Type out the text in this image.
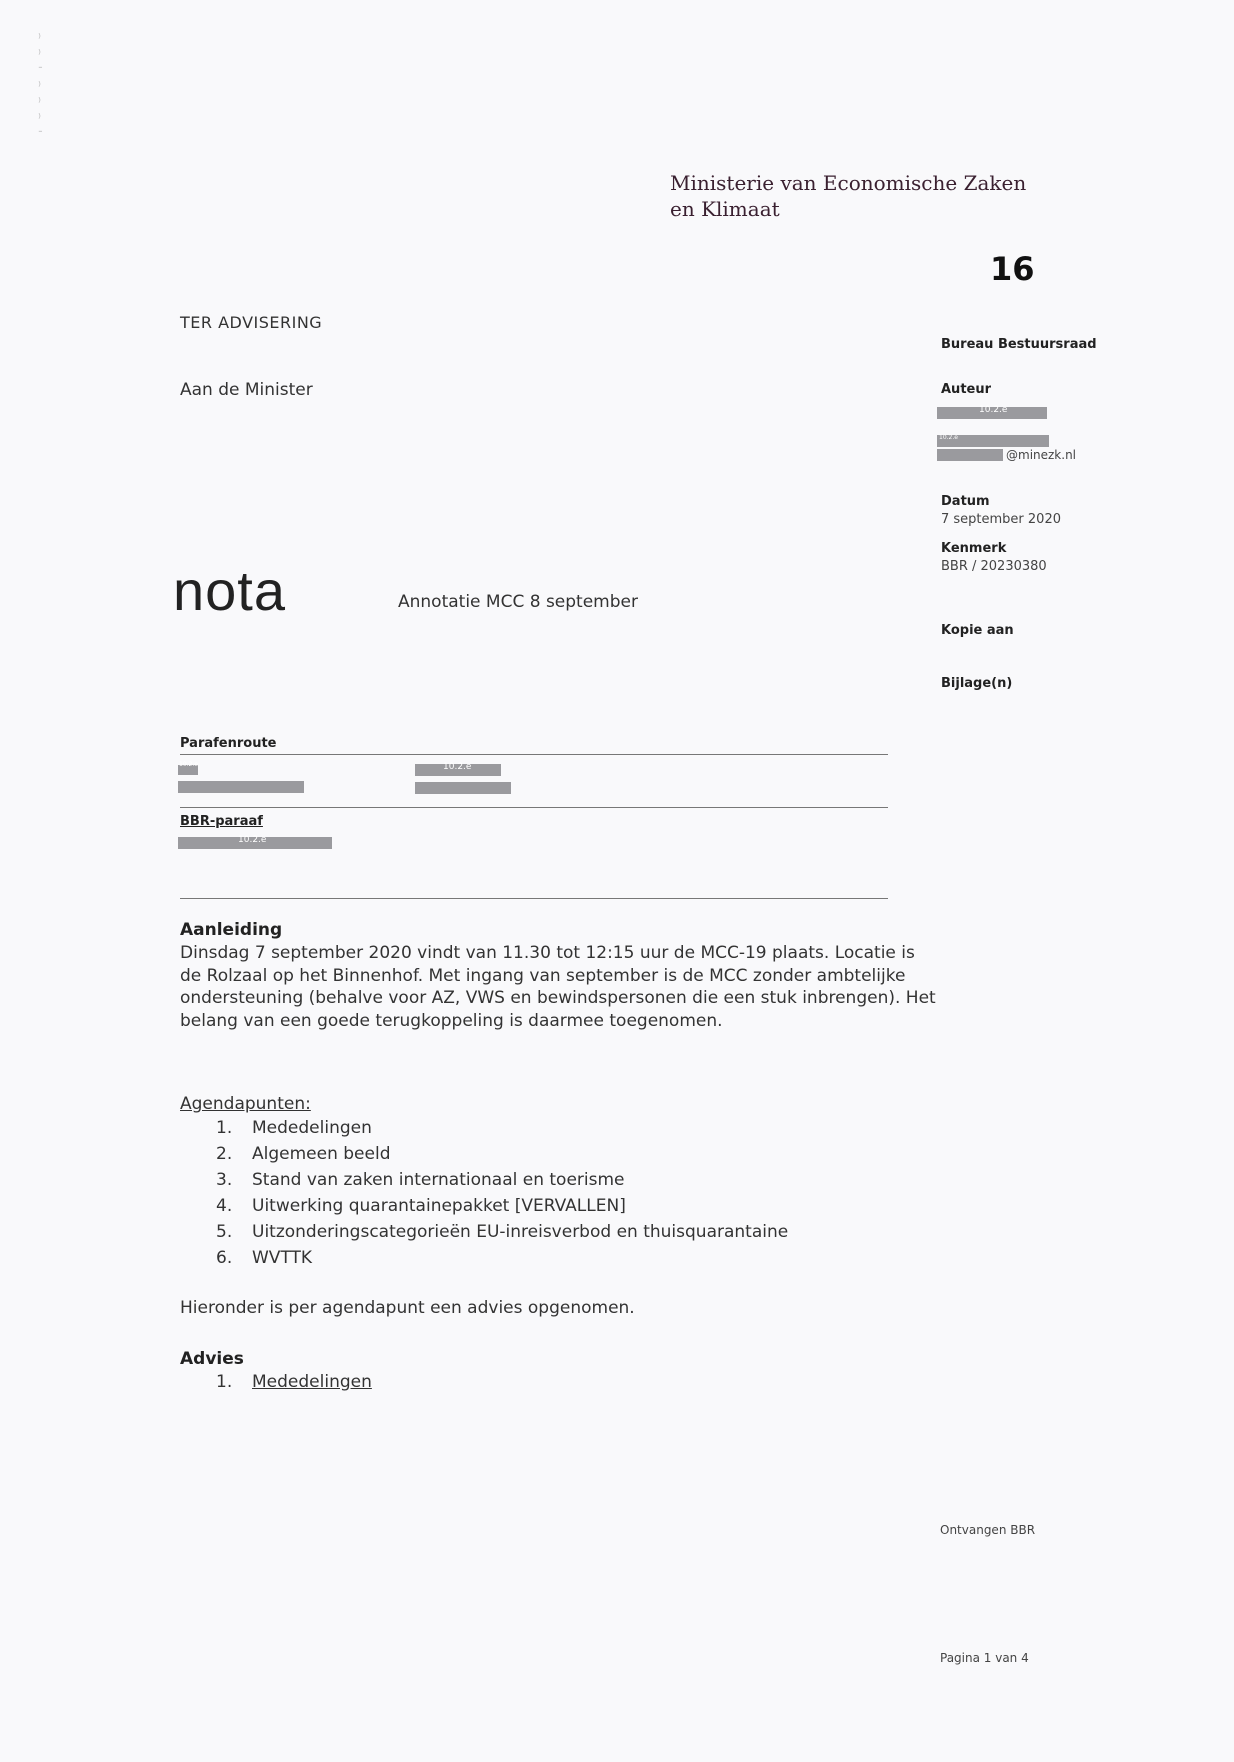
⁾
⁾
ᐨ
⁾
⁾
⁾
ᐨ
Ministerie van Economische Zaken
en Klimaat
16
TER ADVISERING
Aan de Minister
nota	Annotatie MCC 8 september
Bureau Bestuursraad
Auteur
10.2.e
10.2.e
@minezk.nl
Datum
7 september 2020
Kenmerk
BBR / 20230380
Kopie aan
Bijlage(n)
Parafenroute
10.2.e	10.2.e
BBR-paraaf
10.2.e
Aanleiding

Dinsdag 7 september 2020 vindt van 11.30 tot 12:15 uur de MCC-19 plaats. Locatie is de Rolzaal op het Binnenhof. Met ingang van september is de MCC zonder ambtelijke ondersteuning (behalve voor AZ, VWS en bewindspersonen die een stuk inbrengen). Het belang van een goede terugkoppeling is daarmee toegenomen.

Agendapunten:
1.	Mededelingen
2.	Algemeen beeld
3.	Stand van zaken internationaal en toerisme
4.	Uitwerking quarantainepakket [VERVALLEN]
5.	Uitzonderingscategorieën EU-inreisverbod en thuisquarantaine
6.	WVTTK
Hieronder is per agendapunt een advies opgenomen.
Advies
1.	Mededelingen
Ontvangen BBR
Pagina 1 van 4
